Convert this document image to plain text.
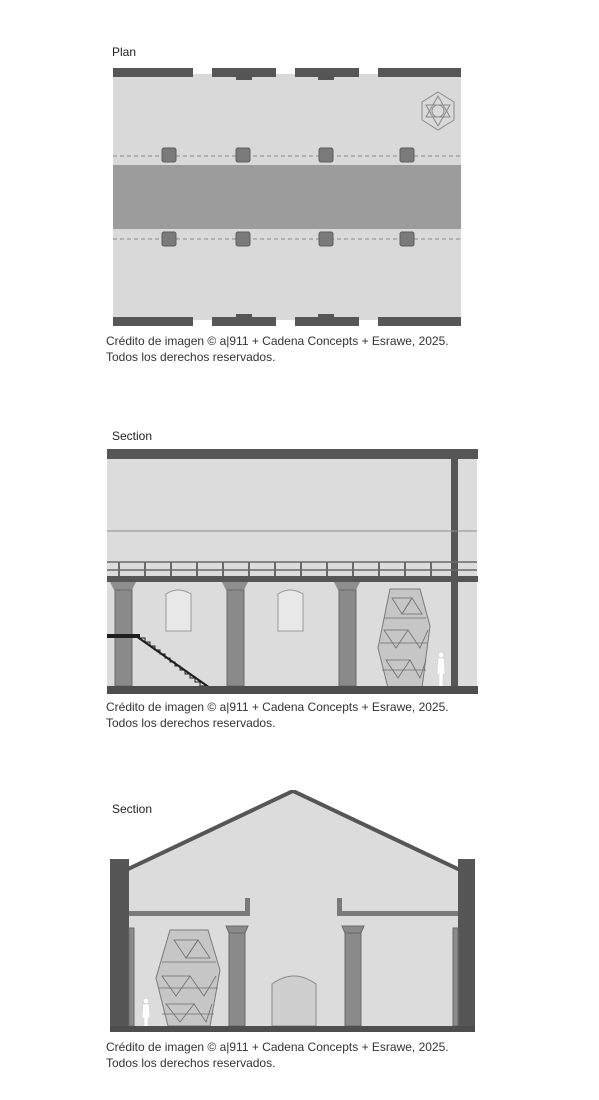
Plan
Crédito de imagen © a|911 + Cadena Concepts + Esrawe, 2025.
Todos los derechos reservados.
Section
Crédito de imagen © a|911 + Cadena Concepts + Esrawe, 2025.
Todos los derechos reservados.
Section
Crédito de imagen © a|911 + Cadena Concepts + Esrawe, 2025.
Todos los derechos reservados.
